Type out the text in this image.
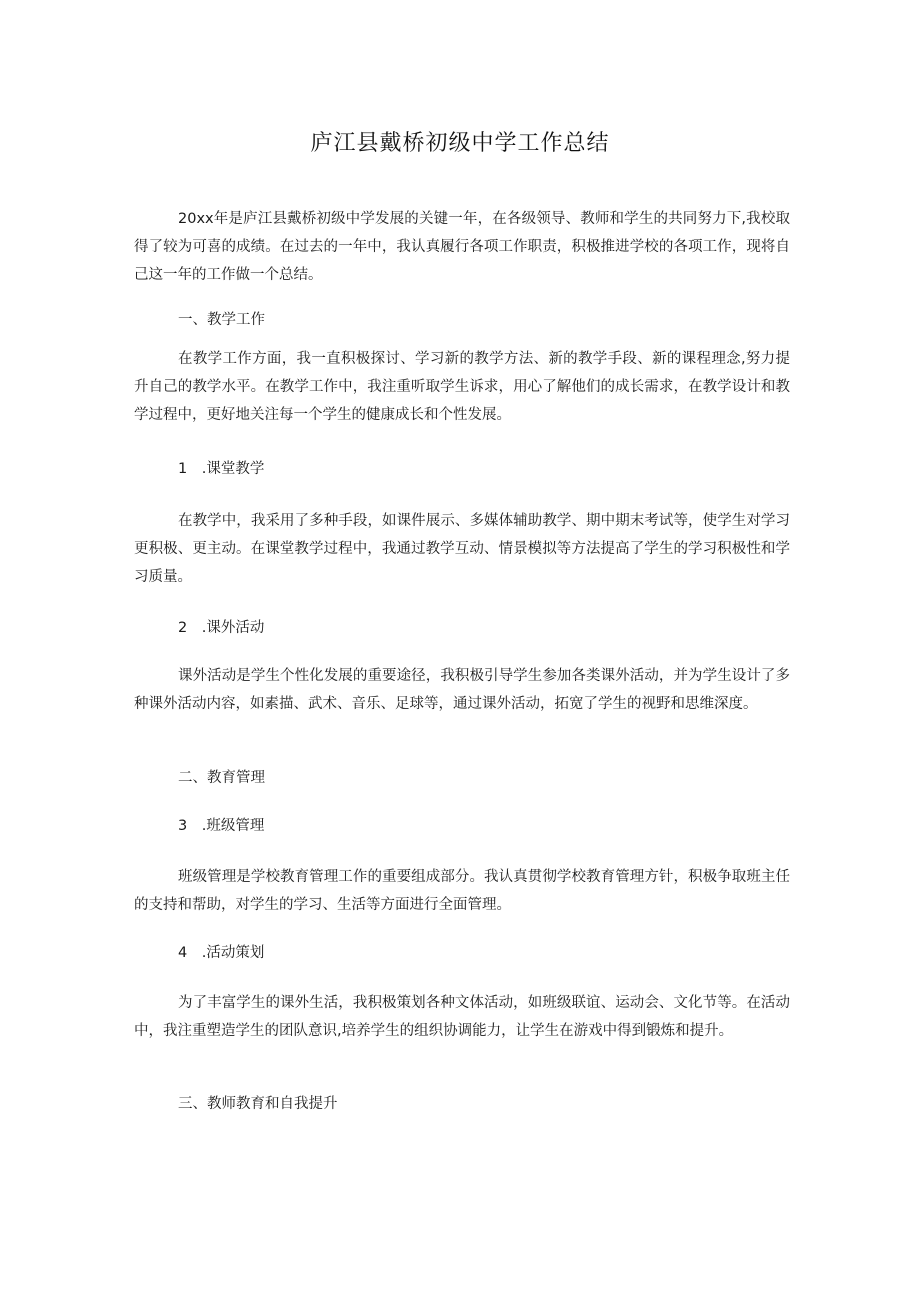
庐江县戴桥初级中学工作总结

20xx年是庐江县戴桥初级中学发展的关键一年，在各级领导、教师和学生的共同努力下,我校取得了较为可喜的成绩。在过去的一年中，我认真履行各项工作职责，积极推进学校的各项工作，现将自己这一年的工作做一个总结。

一、教学工作

在教学工作方面，我一直积极探讨、学习新的教学方法、新的教学手段、新的课程理念,努力提升自己的教学水平。在教学工作中，我注重听取学生诉求，用心了解他们的成长需求，在教学设计和教学过程中，更好地关注每一个学生的健康成长和个性发展。

1　.课堂教学

在教学中，我采用了多种手段，如课件展示、多媒体辅助教学、期中期末考试等，使学生对学习更积极、更主动。在课堂教学过程中，我通过教学互动、情景模拟等方法提高了学生的学习积极性和学习质量。

2　.课外活动

课外活动是学生个性化发展的重要途径，我积极引导学生参加各类课外活动，并为学生设计了多种课外活动内容，如素描、武术、音乐、足球等，通过课外活动，拓宽了学生的视野和思维深度。

二、教育管理

3　.班级管理

班级管理是学校教育管理工作的重要组成部分。我认真贯彻学校教育管理方针，积极争取班主任的支持和帮助，对学生的学习、生活等方面进行全面管理。

4　.活动策划

为了丰富学生的课外生活，我积极策划各种文体活动，如班级联谊、运动会、文化节等。在活动中，我注重塑造学生的团队意识,培养学生的组织协调能力，让学生在游戏中得到锻炼和提升。

三、教师教育和自我提升
